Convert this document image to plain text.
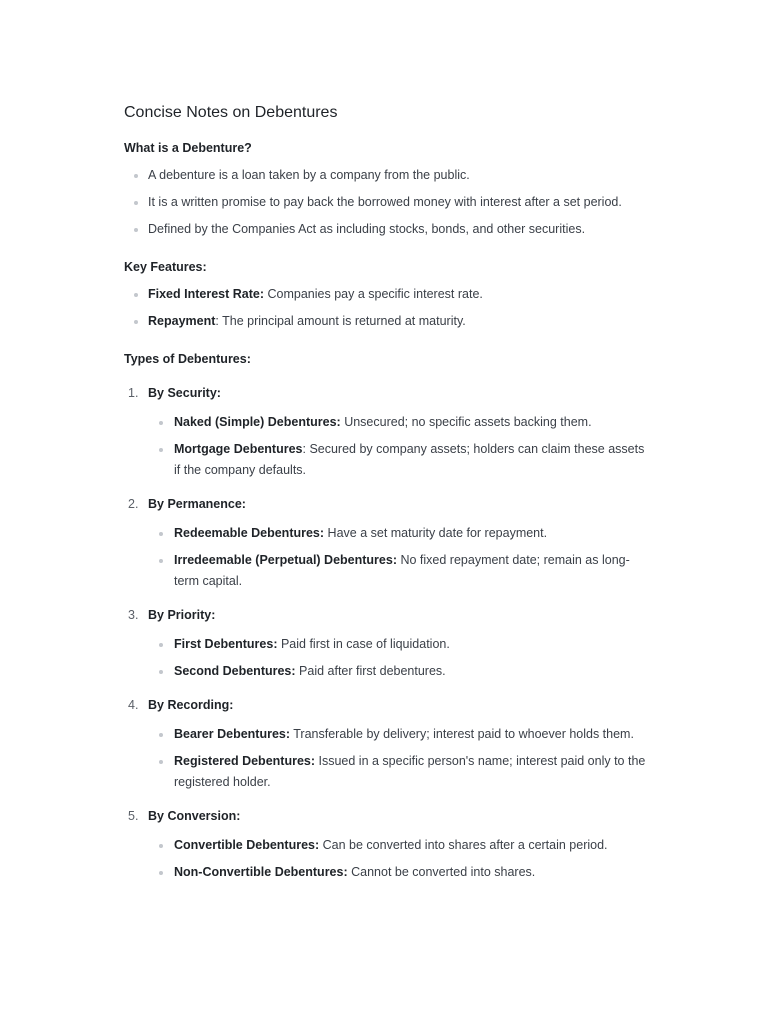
Concise Notes on Debentures
What is a Debenture?
A debenture is a loan taken by a company from the public.
It is a written promise to pay back the borrowed money with interest after a set period.
Defined by the Companies Act as including stocks, bonds, and other securities.
Key Features:
Fixed Interest Rate: Companies pay a specific interest rate.
Repayment: The principal amount is returned at maturity.
Types of Debentures:
1. By Security:
Naked (Simple) Debentures: Unsecured; no specific assets backing them.
Mortgage Debentures: Secured by company assets; holders can claim these assets if the company defaults.
2. By Permanence:
Redeemable Debentures: Have a set maturity date for repayment.
Irredeemable (Perpetual) Debentures: No fixed repayment date; remain as long-term capital.
3. By Priority:
First Debentures: Paid first in case of liquidation.
Second Debentures: Paid after first debentures.
4. By Recording:
Bearer Debentures: Transferable by delivery; interest paid to whoever holds them.
Registered Debentures: Issued in a specific person's name; interest paid only to the registered holder.
5. By Conversion:
Convertible Debentures: Can be converted into shares after a certain period.
Non-Convertible Debentures: Cannot be converted into shares.
